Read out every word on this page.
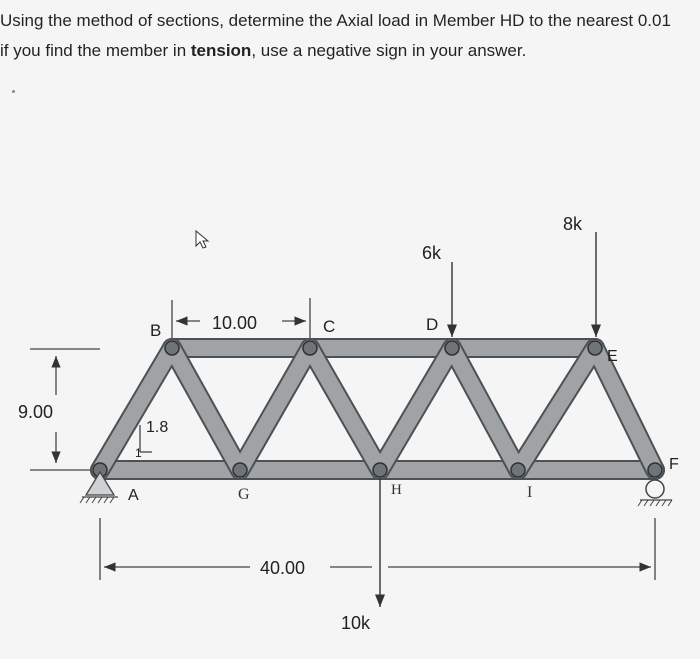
Using the method of sections, determine the Axial load in Member HD to the nearest 0.01

if you find the member in tension, use a negative sign in your answer.

B	C	D
E
F
A	G	H	I
9.00
10.00
40.00
1.8
1
6k
8k
10k
